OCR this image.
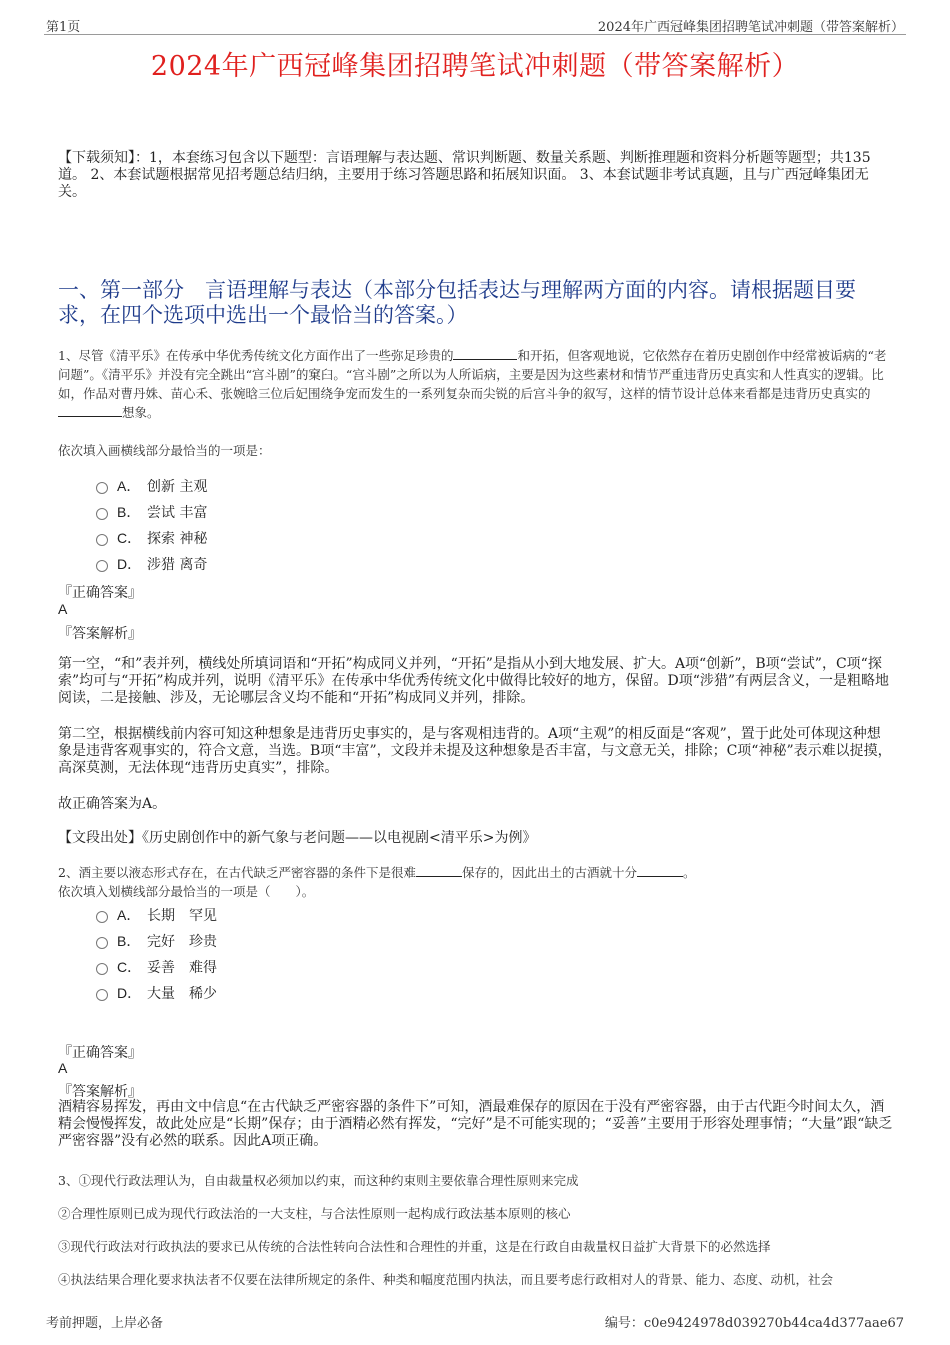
第1页	2024年广西冠峰集团招聘笔试冲刺题（带答案解析）
2024年广西冠峰集团招聘笔试冲刺题（带答案解析）
【下载须知】：1，本套练习包含以下题型：言语理解与表达题、常识判断题、数量关系题、判断推理题和资料分析题等题型；共135道。 2、本套试题根据常见招考题总结归纳，主要用于练习答题思路和拓展知识面。 3、本套试题非考试真题，且与广西冠峰集团无关。
一、第一部分　言语理解与表达（本部分包括表达与理解两方面的内容。请根据题目要求，在四个选项中选出一个最恰当的答案。）
1、尽管《清平乐》在传承中华优秀传统文化方面作出了一些弥足珍贵的	和开拓，但客观地说，它依然存在着历史剧创作中经常被诟病的“老问题”。《清平乐》并没有完全跳出“宫斗剧”的窠臼。“宫斗剧”之所以为人所诟病，主要是因为这些素材和情节严重违背历史真实和人性真实的逻辑。比如，作品对曹丹姝、苗心禾、张婉晗三位后妃围绕争宠而发生的一系列复杂而尖锐的后宫斗争的叙写，这样的情节设计总体来看都是违背历史真实的想象。
依次填入画横线部分最恰当的一项是：
A． 创新 主观
B． 尝试 丰富
C． 探索 神秘
D． 涉猎 离奇
『正确答案』
A
『答案解析』
第一空，“和”表并列，横线处所填词语和“开拓”构成同义并列，“开拓”是指从小到大地发展、扩大。A项“创新”，B项“尝试”，C项“探索”均可与“开拓”构成并列，说明《清平乐》在传承中华优秀传统文化中做得比较好的地方，保留。D项“涉猎”有两层含义，一是粗略地阅读，二是接触、涉及，无论哪层含义均不能和“开拓”构成同义并列，排除。
第二空，根据横线前内容可知这种想象是违背历史事实的，是与客观相违背的。A项“主观”的相反面是“客观”，置于此处可体现这种想象是违背客观事实的，符合文意，当选。B项“丰富”，文段并未提及这种想象是否丰富，与文意无关，排除；C项“神秘”表示难以捉摸，高深莫测，无法体现“违背历史真实”，排除。
故正确答案为A。
【文段出处】《历史剧创作中的新气象与老问题——以电视剧<清平乐>为例》
2、酒主要以液态形式存在，在古代缺乏严密容器的条件下是很难	保存的，因此出土的古酒就十分	。
依次填入划横线部分最恰当的一项是（　　）。
A． 长期　罕见
B． 完好　珍贵
C． 妥善　难得
D． 大量　稀少
『正确答案』
A
『答案解析』
酒精容易挥发，再由文中信息“在古代缺乏严密容器的条件下”可知，酒最难保存的原因在于没有严密容器，由于古代距今时间太久，酒精会慢慢挥发，故此处应是“长期”保存；由于酒精必然有挥发，“完好”是不可能实现的；“妥善”主要用于形容处理事情；“大量”跟“缺乏严密容器”没有必然的联系。因此A项正确。
3、①现代行政法理认为，自由裁量权必须加以约束，而这种约束则主要依靠合理性原则来完成
②合理性原则已成为现代行政法治的一大支柱，与合法性原则一起构成行政法基本原则的核心
③现代行政法对行政执法的要求已从传统的合法性转向合法性和合理性的并重，这是在行政自由裁量权日益扩大背景下的必然选择
④执法结果合理化要求执法者不仅要在法律所规定的条件、种类和幅度范围内执法，而且要考虑行政相对人的背景、能力、态度、动机，社会
考前押题，上岸必备	编号：c0e9424978d039270b44ca4d377aae67
